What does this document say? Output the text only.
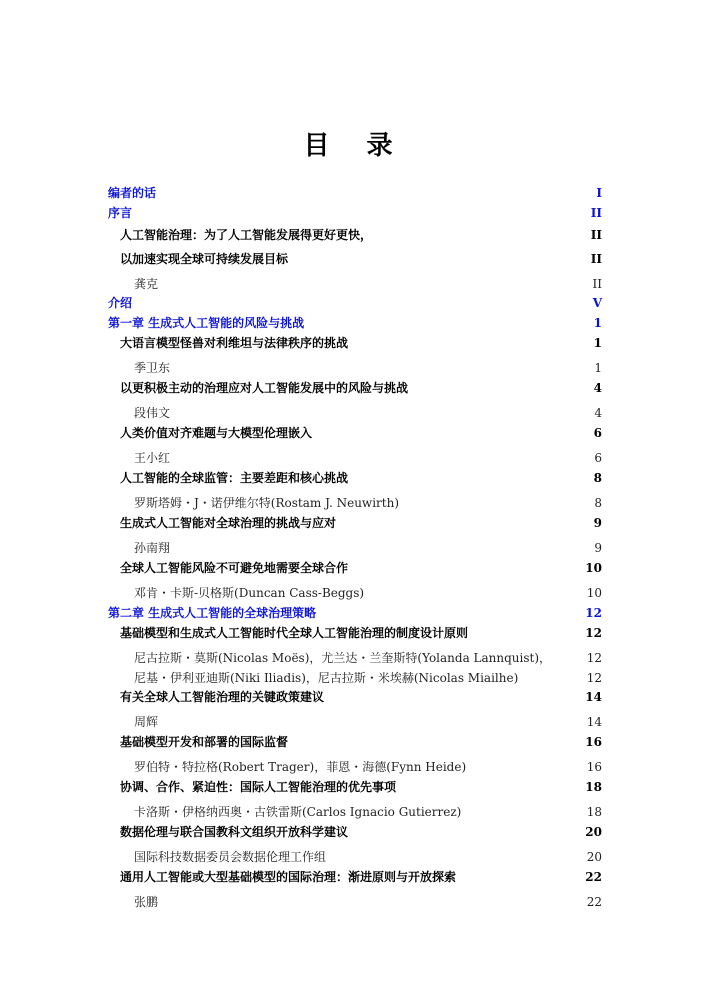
目 录
编者的话	I
序言	II
人工智能治理：为了人工智能发展得更好更快，	II
以加速实现全球可持续发展目标	II
龚克	II
介绍	V
第一章 生成式人工智能的风险与挑战	1
大语言模型怪兽对利维坦与法律秩序的挑战	1
季卫东	1
以更积极主动的治理应对人工智能发展中的风险与挑战	4
段伟文	4
人类价值对齐难题与大模型伦理嵌入	6
王小红	6
人工智能的全球监管：主要差距和核心挑战	8
罗斯塔姆・J・诺伊维尔特(Rostam J. Neuwirth)	8
生成式人工智能对全球治理的挑战与应对	9
孙南翔	9
全球人工智能风险不可避免地需要全球合作	10
邓肯・卡斯-贝格斯(Duncan Cass-Beggs)	10
第二章 生成式人工智能的全球治理策略	12
基础模型和生成式人工智能时代全球人工智能治理的制度设计原则	12
尼古拉斯・莫斯(Nicolas Moës)，尤兰达・兰奎斯特(Yolanda Lannquist)，	12
尼基・伊利亚迪斯(Niki Iliadis)，尼古拉斯・米埃赫(Nicolas Miailhe)	12
有关全球人工智能治理的关键政策建议	14
周辉	14
基础模型开发和部署的国际监督	16
罗伯特・特拉格(Robert Trager)，菲恩・海德(Fynn Heide)	16
协调、合作、紧迫性：国际人工智能治理的优先事项	18
卡洛斯・伊格纳西奥・古铁雷斯(Carlos Ignacio Gutierrez)	18
数据伦理与联合国教科文组织开放科学建议	20
国际科技数据委员会数据伦理工作组	20
通用人工智能或大型基础模型的国际治理：渐进原则与开放探索	22
张鹏	22
